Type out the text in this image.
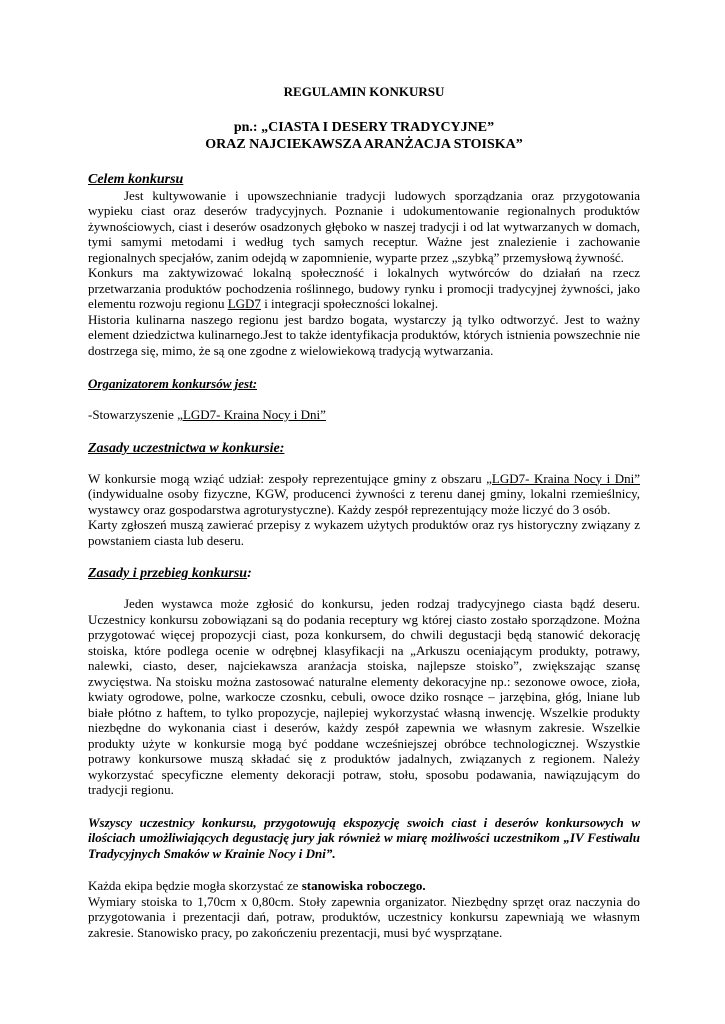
REGULAMIN KONKURSU

pn.: „CIASTA I DESERY TRADYCYJNE”
ORAZ NAJCIEKAWSZA ARANŻACJA STOISKA”

Celem konkursu

Jest kultywowanie i upowszechnianie tradycji ludowych sporządzania oraz przygotowania wypieku ciast oraz deserów tradycyjnych. Poznanie i udokumentowanie regionalnych produktów żywnościowych, ciast i deserów osadzonych głęboko w naszej tradycji i od lat wytwarzanych w domach, tymi samymi metodami i według tych samych receptur. Ważne jest znalezienie i zachowanie regionalnych specjałów, zanim odejdą w zapomnienie, wyparte przez „szybką” przemysłową żywność.

Konkurs ma zaktywizować lokalną społeczność i lokalnych wytwórców do działań na rzecz przetwarzania produktów pochodzenia roślinnego, budowy rynku i promocji tradycyjnej żywności, jako elementu rozwoju regionu LGD7 i integracji społeczności lokalnej.

Historia kulinarna naszego regionu jest bardzo bogata, wystarczy ją tylko odtworzyć. Jest to ważny element dziedzictwa kulinarnego.Jest to także identyfikacja produktów, których istnienia powszechnie nie dostrzega się, mimo, że są one zgodne z wielowiekową tradycją wytwarzania.

Organizatorem konkursów jest:

-Stowarzyszenie „LGD7- Kraina Nocy i Dni”

Zasady uczestnictwa w konkursie:

W konkursie mogą wziąć udział: zespoły reprezentujące gminy z obszaru „LGD7- Kraina Nocy i Dni” (indywidualne osoby fizyczne, KGW, producenci żywności z terenu danej gminy, lokalni rzemieślnicy, wystawcy oraz gospodarstwa agroturystyczne). Każdy zespół reprezentujący może liczyć do 3 osób.

Karty zgłoszeń muszą zawierać przepisy z wykazem użytych produktów oraz rys historyczny związany z powstaniem ciasta lub deseru.

Zasady i przebieg konkursu:

Jeden wystawca może zgłosić do konkursu, jeden rodzaj tradycyjnego ciasta bądź deseru. Uczestnicy konkursu zobowiązani są do podania receptury wg której ciasto zostało sporządzone. Można przygotować więcej propozycji ciast, poza konkursem, do chwili degustacji będą stanowić dekorację stoiska, które podlega ocenie w odrębnej klasyfikacji na „Arkuszu oceniającym produkty, potrawy, nalewki, ciasto, deser, najciekawsza aranżacja stoiska, najlepsze stoisko”, zwiększając szansę zwycięstwa. Na stoisku można zastosować naturalne elementy dekoracyjne np.: sezonowe owoce, zioła, kwiaty ogrodowe, polne, warkocze czosnku, cebuli, owoce dziko rosnące – jarzębina, głóg, lniane lub białe płótno z haftem, to tylko propozycje, najlepiej wykorzystać własną inwencję. Wszelkie produkty niezbędne do wykonania ciast i deserów, każdy zespół zapewnia we własnym zakresie. Wszelkie produkty użyte w konkursie mogą być poddane wcześniejszej obróbce technologicznej. Wszystkie potrawy konkursowe muszą składać się z produktów jadalnych, związanych z regionem. Należy wykorzystać specyficzne elementy dekoracji potraw, stołu, sposobu podawania, nawiązującym do tradycji regionu.

Wszyscy uczestnicy konkursu, przygotowują ekspozycję swoich ciast i deserów konkursowych w ilościach umożliwiających degustację jury jak również w miarę możliwości uczestnikom „IV Festiwalu Tradycyjnych Smaków w Krainie Nocy i Dni”.

Każda ekipa będzie mogła skorzystać ze stanowiska roboczego.

Wymiary stoiska to 1,70cm x 0,80cm. Stoły zapewnia organizator. Niezbędny sprzęt oraz naczynia do przygotowania i prezentacji dań, potraw, produktów, uczestnicy konkursu zapewniają we własnym zakresie. Stanowisko pracy, po zakończeniu prezentacji, musi być wysprzątane.
